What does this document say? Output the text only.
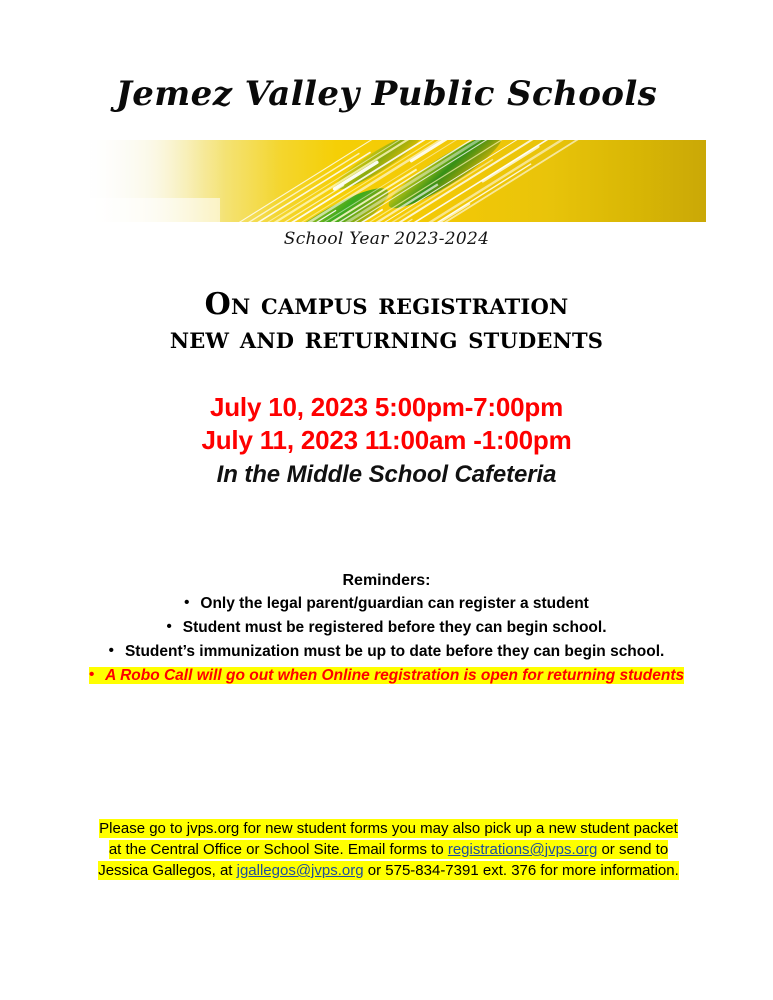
Jemez Valley Public Schools
School Year 2023-2024
On campus registration
new and returning students
July 10, 2023 5:00pm-7:00pm
July 11, 2023 11:00am -1:00pm
In the Middle School Cafeteria
Reminders:
• Only the legal parent/guardian can register a student
• Student must be registered before they can begin school.
• Student’s immunization must be up to date before they can begin school.
• A Robo Call will go out when Online registration is open for returning students
Please go to jvps.org for new student forms you may also pick up a new student packet at the Central Office or School Site. Email forms to registrations@jvps.org or send to Jessica Gallegos, at jgallegos@jvps.org or 575-834-7391 ext. 376 for more information.
